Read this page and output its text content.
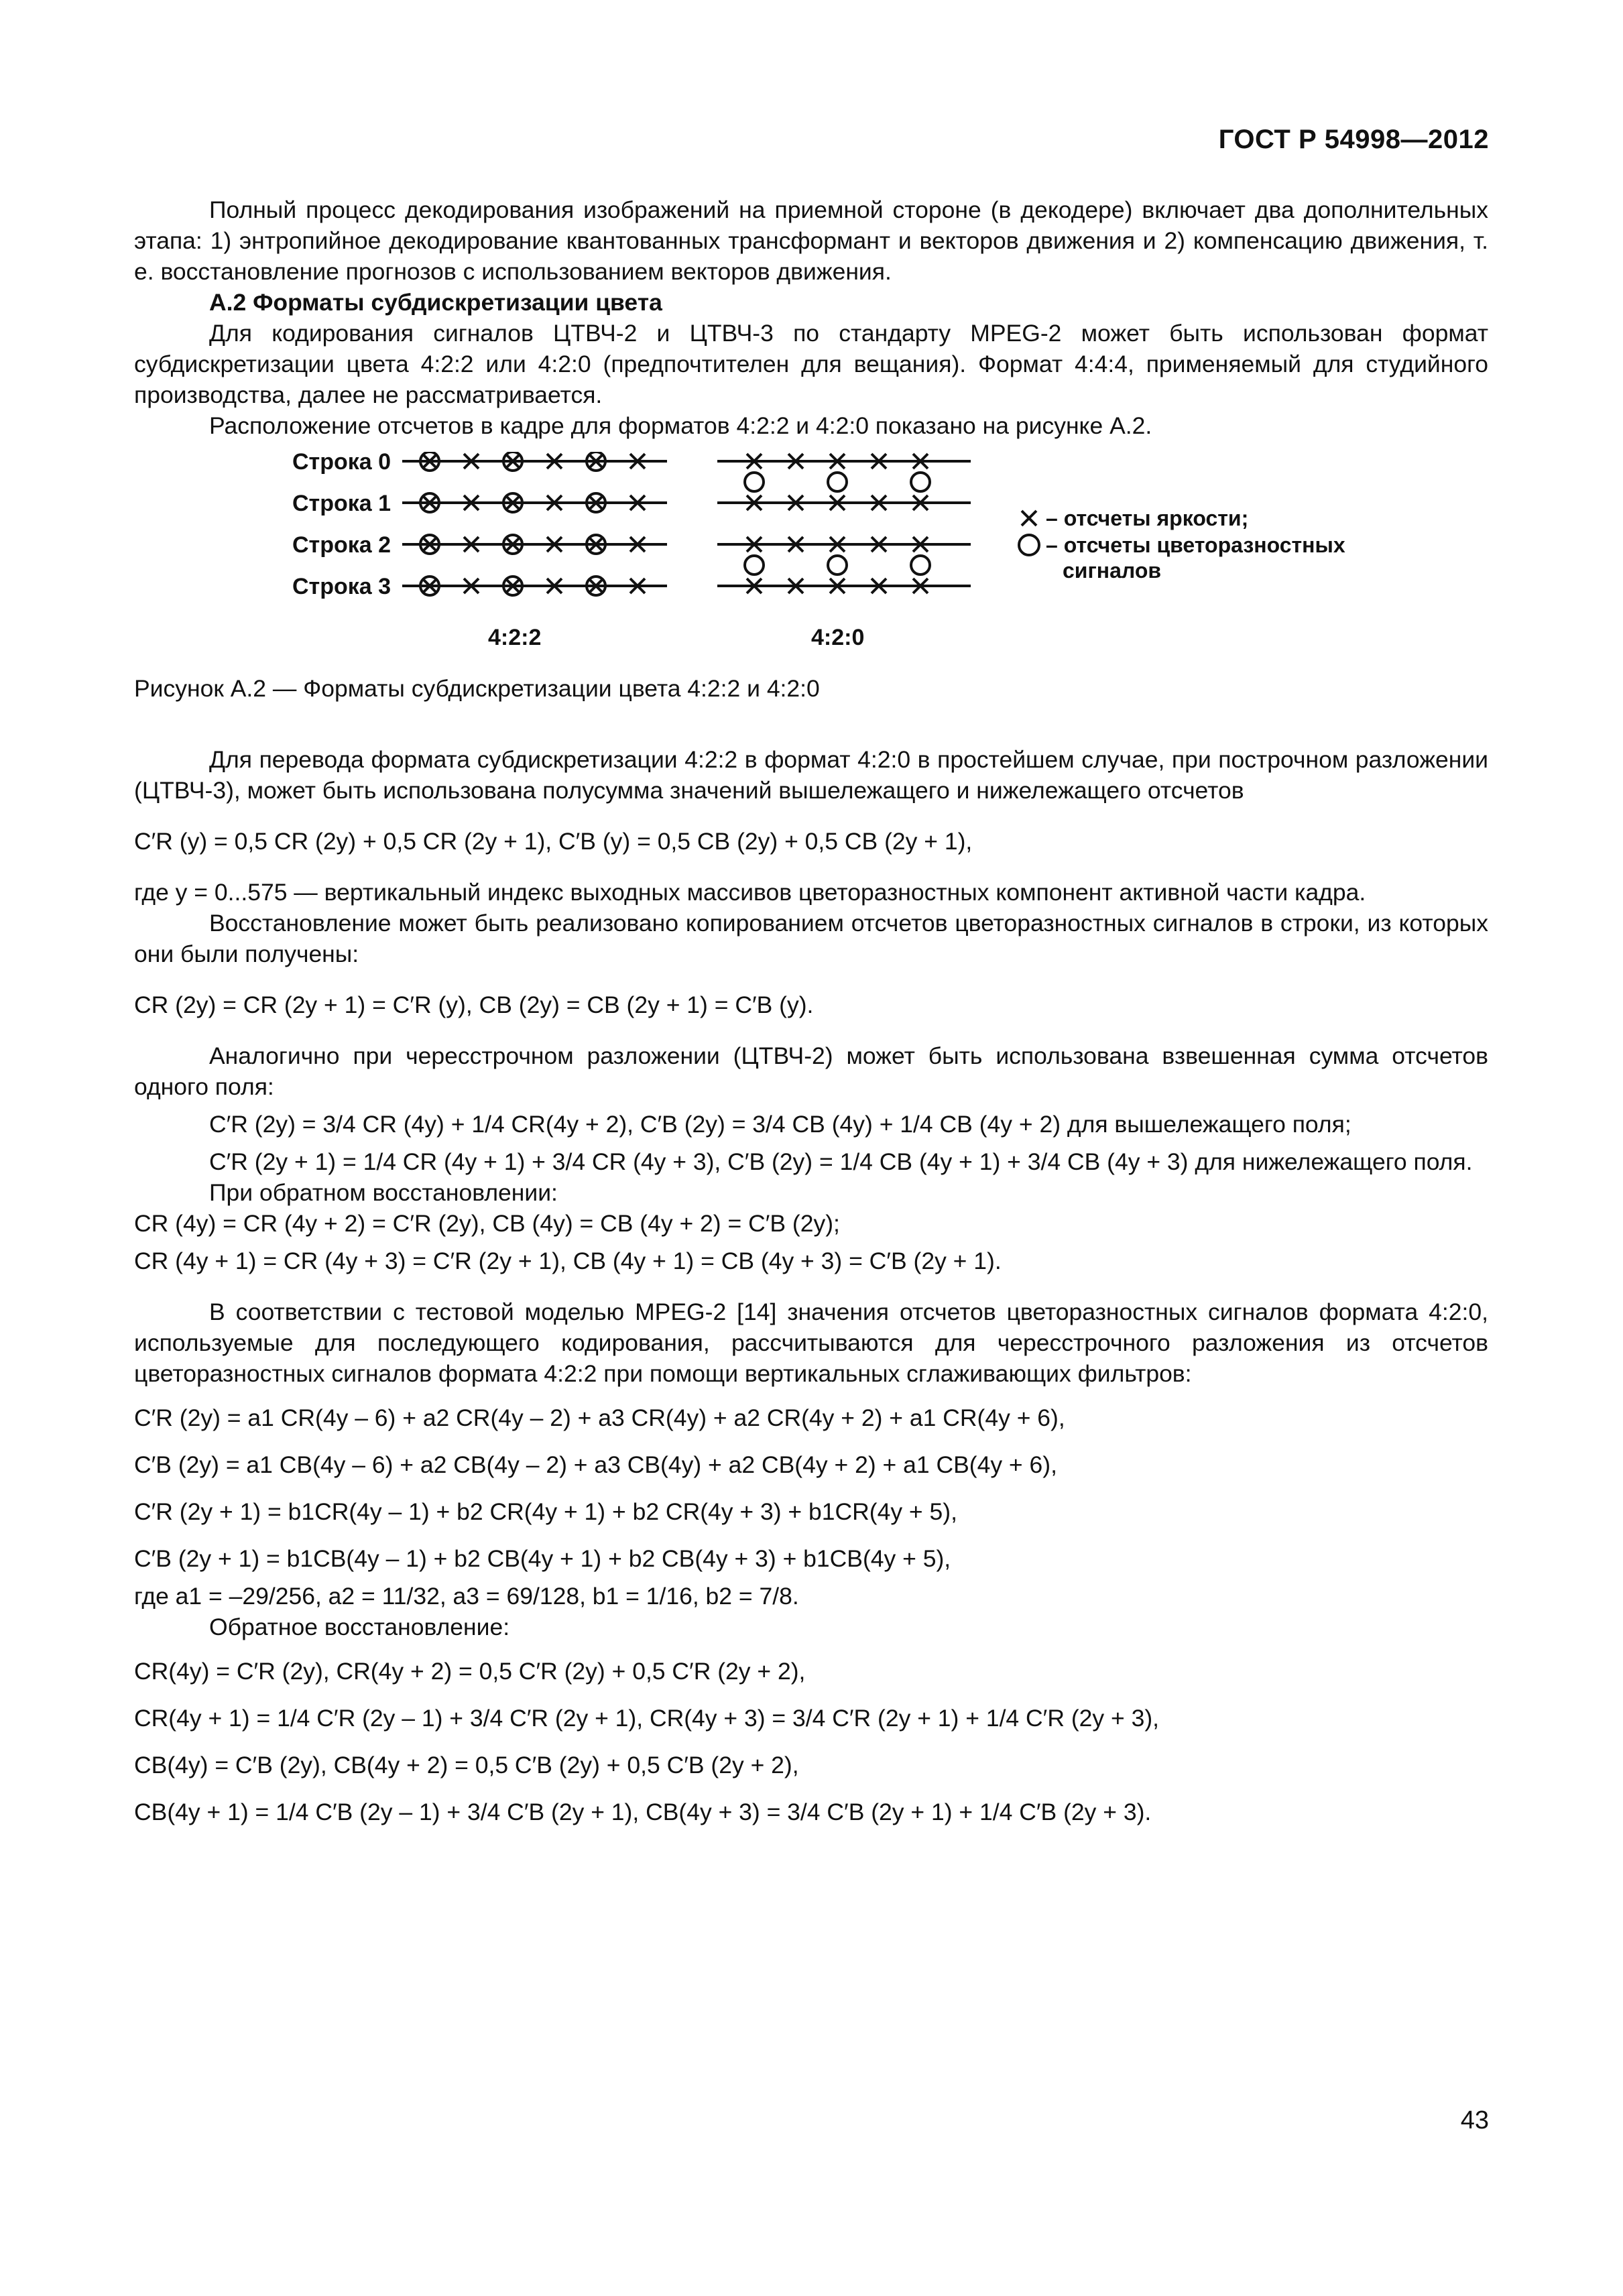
ГОСТ Р 54998—2012

Полный процесс декодирования изображений на приемной стороне (в декодере) включает два дополнительных этапа: 1) энтропийное декодирование квантованных трансформант и векторов движения и 2) компенсацию движения, т. е. восстановление прогнозов с использованием векторов движения.

А.2 Форматы субдискретизации цвета

Для кодирования сигналов ЦТВЧ-2 и ЦТВЧ-3 по стандарту MPEG-2 может быть использован формат субдискретизации цвета 4:2:2 или 4:2:0 (предпочтителен для вещания). Формат 4:4:4, применяемый для студийного производства, далее не рассматривается.

Расположение отсчетов в кадре для форматов 4:2:2 и 4:2:0 показано на рисунке А.2.

Строка 0
Строка 1
Строка 2
Строка 3
4:2:2	4:2:0
– отсчеты яркости;
– отсчеты цветоразностных
сигналов

Рисунок А.2 — Форматы субдискретизации цвета 4:2:2 и 4:2:0

Для перевода формата субдискретизации 4:2:2 в формат 4:2:0 в простейшем случае, при построчном разложении (ЦТВЧ-3), может быть использована полусумма значений вышележащего и нижележащего отсчетов

C′R (y) = 0,5 CR (2y) + 0,5 CR (2y + 1), C′B (y) = 0,5 CB (2y) + 0,5 CB (2y + 1),

где y = 0...575 — вертикальный индекс выходных массивов цветоразностных компонент активной части кадра.

Восстановление может быть реализовано копированием отсчетов цветоразностных сигналов в строки, из которых они были получены:

CR (2y) = CR (2y + 1) = C′R (y), CB (2y) = CB (2y + 1) = C′B (y).

Аналогично при чересстрочном разложении (ЦТВЧ-2) может быть использована взвешенная сумма отсчетов одного поля:

C′R (2y) = 3/4 CR (4y) + 1/4 CR(4y + 2), C′B (2y) = 3/4 CB (4y) + 1/4 CB (4y + 2) для вышележащего поля;

C′R (2y + 1) = 1/4 CR (4y + 1) + 3/4 CR (4y + 3), C′B (2y) = 1/4 CB (4y + 1) + 3/4 CB (4y + 3) для нижележащего поля.

При обратном восстановлении:

CR (4y) = CR (4y + 2) = C′R (2y), CB (4y) = CB (4y + 2) = C′B (2y);

CR (4y + 1) = CR (4y + 3) = C′R (2y + 1), CB (4y + 1) = CB (4y + 3) = C′B (2y + 1).

В соответствии с тестовой моделью MPEG-2 [14] значения отсчетов цветоразностных сигналов формата 4:2:0, используемые для последующего кодирования, рассчитываются для чересстрочного разложения из отсчетов цветоразностных сигналов формата 4:2:2 при помощи вертикальных сглаживающих фильтров:

C′R (2y) = a1 CR(4y – 6) + a2 CR(4y – 2) + a3 CR(4y) + a2 CR(4y + 2) + a1 CR(4y + 6),

C′B (2y) = a1 CB(4y – 6) + a2 CB(4y – 2) + a3 CB(4y) + a2 CB(4y + 2) + a1 CB(4y + 6),

C′R (2y + 1) = b1CR(4y – 1) + b2 CR(4y + 1) + b2 CR(4y + 3) + b1CR(4y + 5),

C′B (2y + 1) = b1CB(4y – 1) + b2 CB(4y + 1) + b2 CB(4y + 3) + b1CB(4y + 5),

где a1 = –29/256, a2 = 11/32, a3 = 69/128, b1 = 1/16, b2 = 7/8.

Обратное восстановление:

CR(4y) = C′R (2y), CR(4y + 2) = 0,5 C′R (2y) + 0,5 C′R (2y + 2),

CR(4y + 1) = 1/4 C′R (2y – 1) + 3/4 C′R (2y + 1), CR(4y + 3) = 3/4 C′R (2y + 1) + 1/4 C′R (2y + 3),

CB(4y) = C′B (2y), CB(4y + 2) = 0,5 C′B (2y) + 0,5 C′B (2y + 2),

CB(4y + 1) = 1/4 C′B (2y – 1) + 3/4 C′B (2y + 1), CB(4y + 3) = 3/4 C′B (2y + 1) + 1/4 C′B (2y + 3).

43
